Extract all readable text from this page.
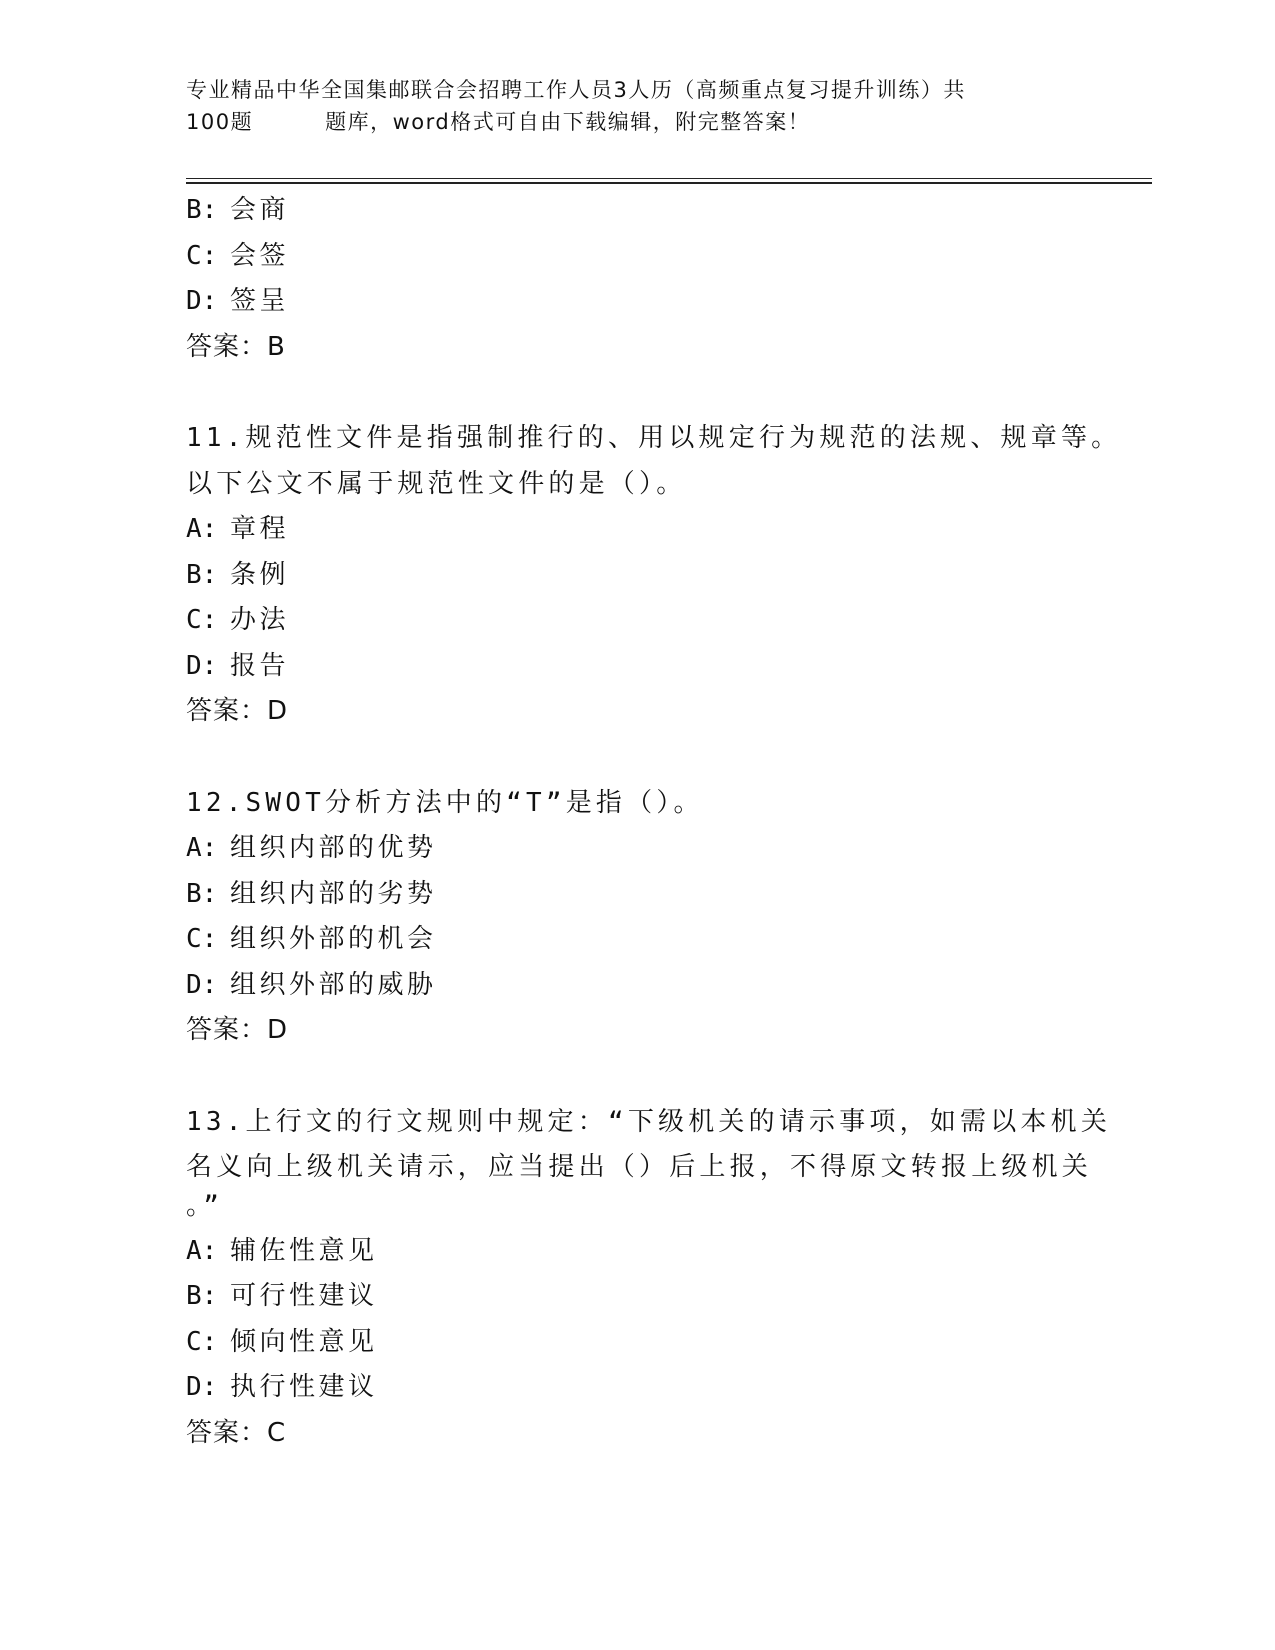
专业精品中华全国集邮联合会招聘工作人员3人历（高频重点复习提升训练）共
100题	题库，word格式可自由下载编辑，附完整答案！
B: 会商
C: 会签
D: 签呈
答案：B
11.规范性文件是指强制推行的、用以规定行为规范的法规、规章等。
以下公文不属于规范性文件的是（）。
A: 章程
B: 条例
C: 办法
D: 报告
答案：D
12.SWOT分析方法中的“T”是指（）。
A: 组织内部的优势
B: 组织内部的劣势
C: 组织外部的机会
D: 组织外部的威胁
答案：D
13.上行文的行文规则中规定：“下级机关的请示事项，如需以本机关
名义向上级机关请示，应当提出（）后上报，不得原文转报上级机关
。”
A: 辅佐性意见
B: 可行性建议
C: 倾向性意见
D: 执行性建议
答案：C
